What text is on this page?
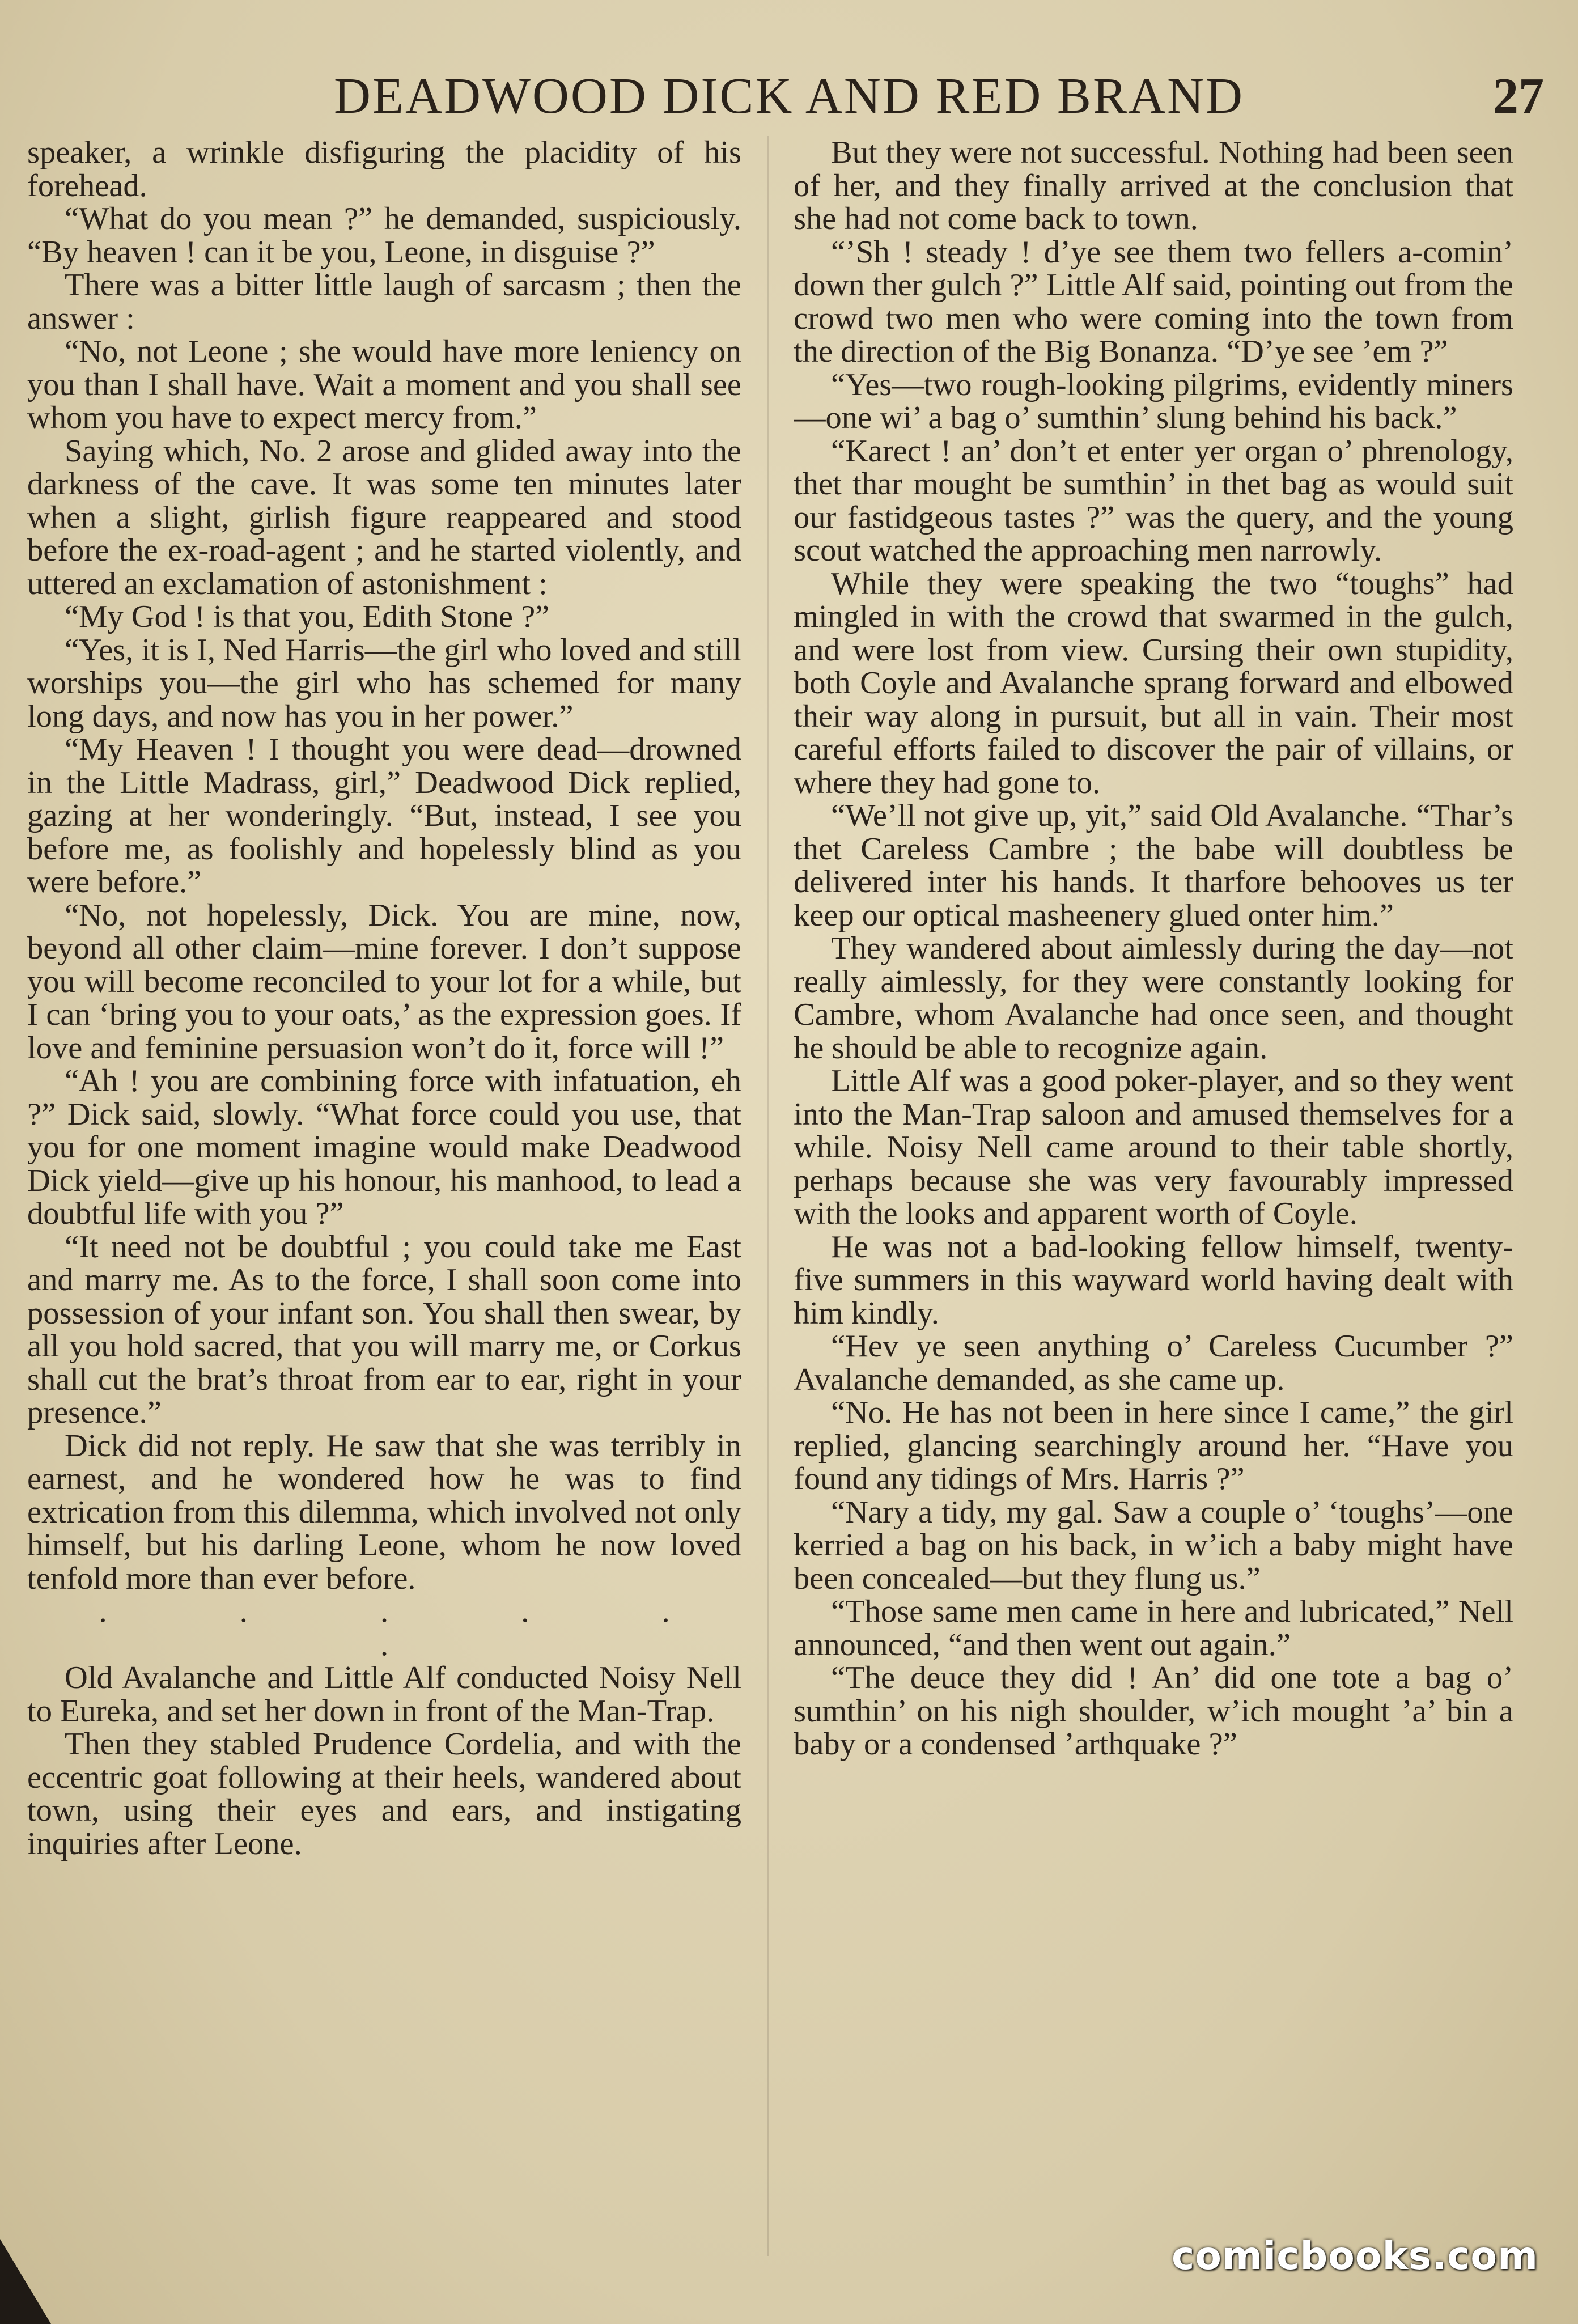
DEADWOOD DICK AND RED BRAND	27

speaker, a wrinkle disfiguring the placidity of his forehead.

“What do you mean ?” he demanded, suspiciously. “By heaven ! can it be you, Leone, in disguise ?”

There was a bitter little laugh of sarcasm ; then the answer :

“No, not Leone ; she would have more leniency on you than I shall have. Wait a moment and you shall see whom you have to expect mercy from.”

Saying which, No. 2 arose and glided away into the darkness of the cave. It was some ten minutes later when a slight, girlish figure reappeared and stood before the ex-road-agent ; and he started violently, and uttered an exclamation of astonishment :

“My God ! is that you, Edith Stone ?”

“Yes, it is I, Ned Harris—the girl who loved and still worships you—the girl who has schemed for many long days, and now has you in her power.”

“My Heaven ! I thought you were dead—drowned in the Little Madrass, girl,” Deadwood Dick replied, gazing at her wonderingly. “But, instead, I see you before me, as foolishly and hopelessly blind as you were before.”

“No, not hopelessly, Dick. You are mine, now, beyond all other claim—mine forever. I don’t suppose you will become reconciled to your lot for a while, but I can ‘bring you to your oats,’ as the expression goes. If love and feminine persuasion won’t do it, force will !”

“Ah ! you are combining force with infatuation, eh ?” Dick said, slowly. “What force could you use, that you for one moment imagine would make Deadwood Dick yield—give up his honour, his manhood, to lead a doubtful life with you ?”

“It need not be doubtful ; you could take me East and marry me. As to the force, I shall soon come into possession of your infant son. You shall then swear, by all you hold sacred, that you will marry me, or Corkus shall cut the brat’s throat from ear to ear, right in your presence.”

Dick did not reply. He saw that she was terribly in earnest, and he wondered how he was to find extrication from this dilemma, which involved not only himself, but his darling Leone, whom he now loved tenfold more than ever before.

. . . . . .

Old Avalanche and Little Alf conducted Noisy Nell to Eureka, and set her down in front of the Man-Trap.

Then they stabled Prudence Cordelia, and with the eccentric goat following at their heels, wandered about town, using their eyes and ears, and instigating inquiries after Leone.

But they were not successful. Nothing had been seen of her, and they finally arrived at the conclusion that she had not come back to town.

“’Sh ! steady ! d’ye see them two fellers a-comin’ down ther gulch ?” Little Alf said, pointing out from the crowd two men who were coming into the town from the direction of the Big Bonanza. “D’ye see ’em ?”

“Yes—two rough-looking pilgrims, evidently miners—one wi’ a bag o’ sumthin’ slung behind his back.”

“Karect ! an’ don’t et enter yer organ o’ phrenology, thet thar mought be sumthin’ in thet bag as would suit our fastidgeous tastes ?” was the query, and the young scout watched the approaching men narrowly.

While they were speaking the two “toughs” had mingled in with the crowd that swarmed in the gulch, and were lost from view. Cursing their own stupidity, both Coyle and Avalanche sprang forward and elbowed their way along in pursuit, but all in vain. Their most careful efforts failed to discover the pair of villains, or where they had gone to.

“We’ll not give up, yit,” said Old Avalanche. “Thar’s thet Careless Cambre ; the babe will doubtless be delivered inter his hands. It tharfore behooves us ter keep our optical masheenery glued onter him.”

They wandered about aimlessly during the day—not really aimlessly, for they were constantly looking for Cambre, whom Avalanche had once seen, and thought he should be able to recognize again.

Little Alf was a good poker-player, and so they went into the Man-Trap saloon and amused themselves for a while. Noisy Nell came around to their table shortly, perhaps because she was very favourably impressed with the looks and apparent worth of Coyle.

He was not a bad-looking fellow himself, twenty-five summers in this wayward world having dealt with him kindly.

“Hev ye seen anything o’ Careless Cucumber ?” Avalanche demanded, as she came up.

“No. He has not been in here since I came,” the girl replied, glancing searchingly around her. “Have you found any tidings of Mrs. Harris ?”

“Nary a tidy, my gal. Saw a couple o’ ‘toughs’—one kerried a bag on his back, in w’ich a baby might have been concealed—but they flung us.”

“Those same men came in here and lubricated,” Nell announced, “and then went out again.”

“The deuce they did ! An’ did one tote a bag o’ sumthin’ on his nigh shoulder, w’ich mought ’a’ bin a baby or a condensed ’arthquake ?”

comicbooks.com
